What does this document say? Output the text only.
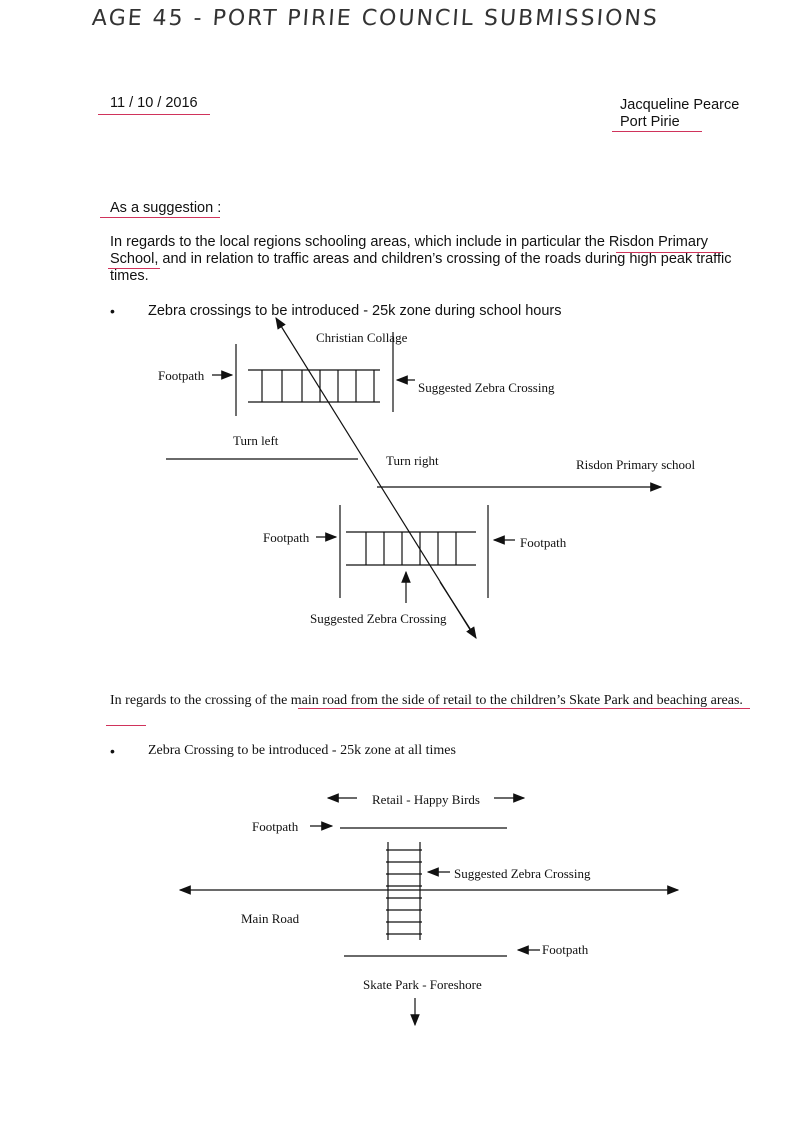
AGE 45 - PORT PIRIE COUNCIL SUBMISSIONS
11 / 10 / 2016	Jacqueline Pearce
Port Pirie
As a suggestion :
In regards to the local regions schooling areas, which include in particular the Risdon Primary School, and in relation to traffic areas and children’s crossing of the roads during high peak traffic times.
• Zebra crossings to be introduced - 25k zone during school hours
Christian Collage
Footpath
Suggested Zebra Crossing
Turn left
Turn right	Risdon Primary school
Footpath	Footpath
Suggested Zebra Crossing
In regards to the crossing of the main road from the side of retail to the children’s Skate Park and beaching areas.
• Zebra Crossing to be introduced - 25k zone at all times
Retail - Happy Birds
Footpath
Suggested Zebra Crossing
Main Road
Footpath
Skate Park - Foreshore
